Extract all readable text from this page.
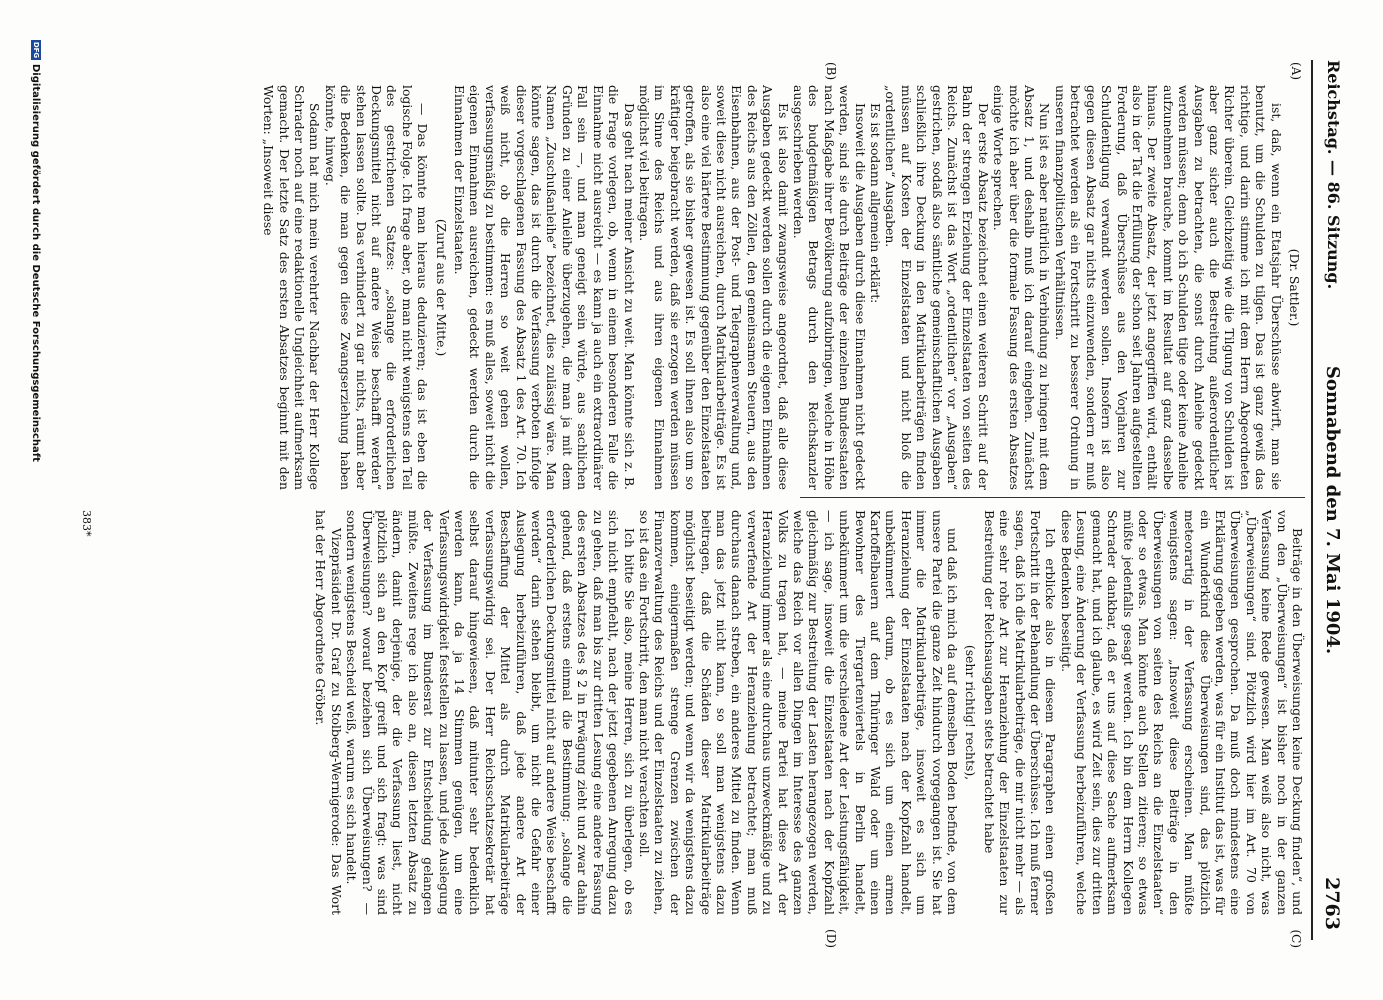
Reichstag. — 86. Sitzung.
Sonnabend den 7. Mai 1904.
2763
(A)
(B)
(C)
(D)

(Dr. Sattler.)

ist, daß, wenn ein Etatsjahr Überschüsse abwirft, man sie benutzt, um die Schulden zu tilgen. Das ist ganz gewiß das richtige, und darin stimme ich mit dem Herrn Abgeordneten Richter überein. Gleichzeitig wie die Tilgung von Schulden ist aber ganz sicher auch die Bestreitung außerordentlicher Ausgaben zu betrachten, die sonst durch Anleihe gedeckt werden müssen; denn ob ich Schulden tilge oder keine Anleihe aufzunehmen brauche, kommt im Resultat auf ganz dasselbe hinaus. Der zweite Absatz, der jetzt angegriffen wird, enthält also in der Tat die Erfüllung der schon seit Jahren aufgestellten Forderung, daß Überschüsse aus den Vorjahren zur Schuldentilgung verwandt werden sollen. Insofern ist also gegen diesen Absatz gar nichts einzuwenden, sondern er muß betrachtet werden als ein Fortschritt zu besserer Ordnung in unseren finanzpolitischen Verhältnissen.

Nun ist es aber natürlich in Verbindung zu bringen mit dem Absatz 1, und deshalb muß ich darauf eingehen. Zunächst möchte ich aber über die formale Fassung des ersten Absatzes einige Worte sprechen.

Der erste Absatz bezeichnet einen weiteren Schritt auf der Bahn der strengen Erziehung der Einzelstaaten von seiten des Reichs. Zunächst ist das Wort „ordentlichen“ vor „Ausgaben“ gestrichen, sodaß also sämtliche gemeinschaftlichen Ausgaben schließlich ihre Deckung in den Matrikularbeiträgen finden müssen auf Kosten der Einzelstaaten und nicht bloß die „ordentlichen“ Ausgaben.

Es ist sodann allgemein erklärt:

Insoweit die Ausgaben durch diese Einnahmen nicht gedeckt werden, sind sie durch Beiträge der einzelnen Bundesstaaten nach Maßgabe ihrer Bevölkerung aufzubringen, welche in Höhe des budgetmäßigen Betrags durch den Reichskanzler ausgeschrieben werden.

Es ist also damit zwangsweise angeordnet, daß alle diese Ausgaben gedeckt werden sollen durch die eigenen Einnahmen des Reichs aus den Zöllen, den gemeinsamen Steuern, aus den Eisenbahnen, aus der Post- und Telegraphenverwaltung und, soweit diese nicht ausreichen, durch Matrikularbeiträge. Es ist also eine viel härtere Bestimmung gegenüber den Einzelstaaten getroffen, als sie bisher gewesen ist. Es soll ihnen also um so kräftiger beigebracht werden, daß sie erzogen werden müssen im Sinne des Reichs und aus ihren eigenen Einnahmen möglichst viel beitragen.

Das geht nach meiner Ansicht zu weit. Man könnte sich z. B. die Frage vorlegen, ob, wenn in einem besonderen Falle die Einnahme nicht ausreicht — es kann ja auch ein extraordinärer Fall sein —, und man geneigt sein würde, aus sachlichen Gründen zu einer Anleihe überzugehen, die man ja mit dem Namen „Zuschußanleihe“ bezeichnet, dies zulässig wäre. Man könnte sagen, das ist durch die Verfassung verboten infolge dieser vorgeschlagenen Fassung des Absatz 1 des Art. 70. Ich weiß nicht, ob die Herren so weit gehen wollen, verfassungsmäßig zu bestimmen: es muß alles, soweit nicht die eigenen Einnahmen ausreichen, gedeckt werden durch die Einnahmen der Einzelstaaten.

(Zuruf aus der Mitte.)

— Das könnte man hieraus deduzieren; das ist eben die logische Folge. Ich frage aber, ob man nicht wenigstens den Teil des gestrichenen Satzes: „solange die erforderlichen Deckungsmittel nicht auf andere Weise beschafft werden“ stehen lassen sollte. Das verhindert zu gar nichts, räumt aber die Bedenken, die man gegen diese Zwangserziehung haben könnte, hinweg.

Sodann hat mich mein verehrter Nachbar der Herr Kollege Schrader noch auf eine redaktionelle Ungleichheit aufmerksam gemacht. Der letzte Satz des ersten Absatzes beginnt mit den Worten: „Insoweit diese

Beiträge in den Überweisungen keine Deckung finden“, und von den „Überweisungen“ ist bisher noch in der ganzen Verfassung keine Rede gewesen. Man weiß also nicht, was „Überweisungen“ sind. Plötzlich wird hier im Art. 70 von Überweisungen gesprochen. Da muß doch mindestens eine Erklärung gegeben werden, was für ein Institut das ist, was für ein Wunderkind diese Überweisungen sind, das plötzlich meteorartig in der Verfassung erscheinen. Man müßte wenigstens sagen: „Insoweit diese Beiträge in den Überweisungen von seiten des Reichs an die Einzelstaaten“ oder so etwas. Man könnte auch Stellen zitieren; so etwas müßte jedenfalls gesagt werden. Ich bin dem Herrn Kollegen Schrader dankbar, daß er uns auf diese Sache aufmerksam gemacht hat, und ich glaube, es wird Zeit sein, dies zur dritten Lesung, eine Änderung der Verfassung herbeizuführen, welche diese Bedenken beseitigt.

Ich erblicke also in diesem Paragraphen einen großen Fortschritt in der Behandlung der Überschüsse. Ich muß ferner sagen, daß ich die Matrikularbeiträge, die mir nicht mehr — als eine sehr rohe Art zur Heranziehung der Einzelstaaten zur Bestreitung der Reichsausgaben stets betrachtet habe

(sehr richtig! rechts),

und daß ich mich da auf demselben Boden befinde, von dem unsere Partei die ganze Zeit hindurch vorgegangen ist. Sie hat immer die Matrikularbeiträge, insoweit es sich um Heranziehung der Einzelstaaten nach der Kopfzahl handelt, unbekümmert darum, ob es sich um einen armen Kartoffelbauern auf dem Thüringer Wald oder um einen Bewohner des Tiergartenviertels in Berlin handelt, unbekümmert um die verschiedene Art der Leistungsfähigkeit, — ich sage, insoweit die Einzelstaaten nach der Kopfzahl gleichmäßig zur Bestreitung der Lasten herangezogen werden, welche das Reich vor allen Dingen im Interesse des ganzen Volks zu tragen hat, — meine Partei hat diese Art der Heranziehung immer als eine durchaus unzweckmäßige und zu verwerfende Art der Heranziehung betrachtet; man muß durchaus danach streben, ein anderes Mittel zu finden. Wenn man das jetzt nicht kann, so soll man wenigstens dazu beitragen, daß die Schäden dieser Matrikularbeiträge möglichst beseitigt werden; und wenn wir da wenigstens dazu kommen, einigermaßen strenge Grenzen zwischen der Finanzverwaltung des Reichs und der Einzelstaaten zu ziehen, so ist das ein Fortschritt, den man nicht verachten soll.

Ich bitte Sie also, meine Herren, sich zu überlegen, ob es sich nicht empfiehlt, nach der jetzt gegebenen Anregung dazu zu gehen, daß man bis zur dritten Lesung eine andere Fassung des ersten Absatzes des § 2 in Erwägung zieht und zwar dahin gehend, daß erstens einmal die Bestimmung: „solange die erforderlichen Deckungsmittel nicht auf andere Weise beschafft werden“ darin stehen bleibt, um nicht die Gefahr einer Auslegung herbeizuführen, daß jede andere Art der Beschaffung der Mittel als durch Matrikularbeiträge verfassungswidrig sei. Der Herr Reichsschatzsekretär hat selbst darauf hingewiesen, daß mitunter sehr bedenklich werden kann, da ja 14 Stimmen genügen, um eine Verfassungswidrigkeit feststellen zu lassen, und jede Auslegung der Verfassung im Bundesrat zur Entscheidung gelangen müßte. Zweitens rege ich also an, diesen letzten Absatz zu ändern, damit derjenige, der die Verfassung liest, nicht plötzlich sich an den Kopf greift und sich fragt: was sind Überweisungen? worauf beziehen sich Überweisungen? — sondern wenigstens Bescheid weiß, warum es sich handelt.

Vizepräsident Dr. Graf zu Stolberg-Wernigerode: Das Wort hat der Herr Abgeordnete Gröber.

383*
DFGDigitalisierung gefördert durch die Deutsche Forschungsgemeinschaft
